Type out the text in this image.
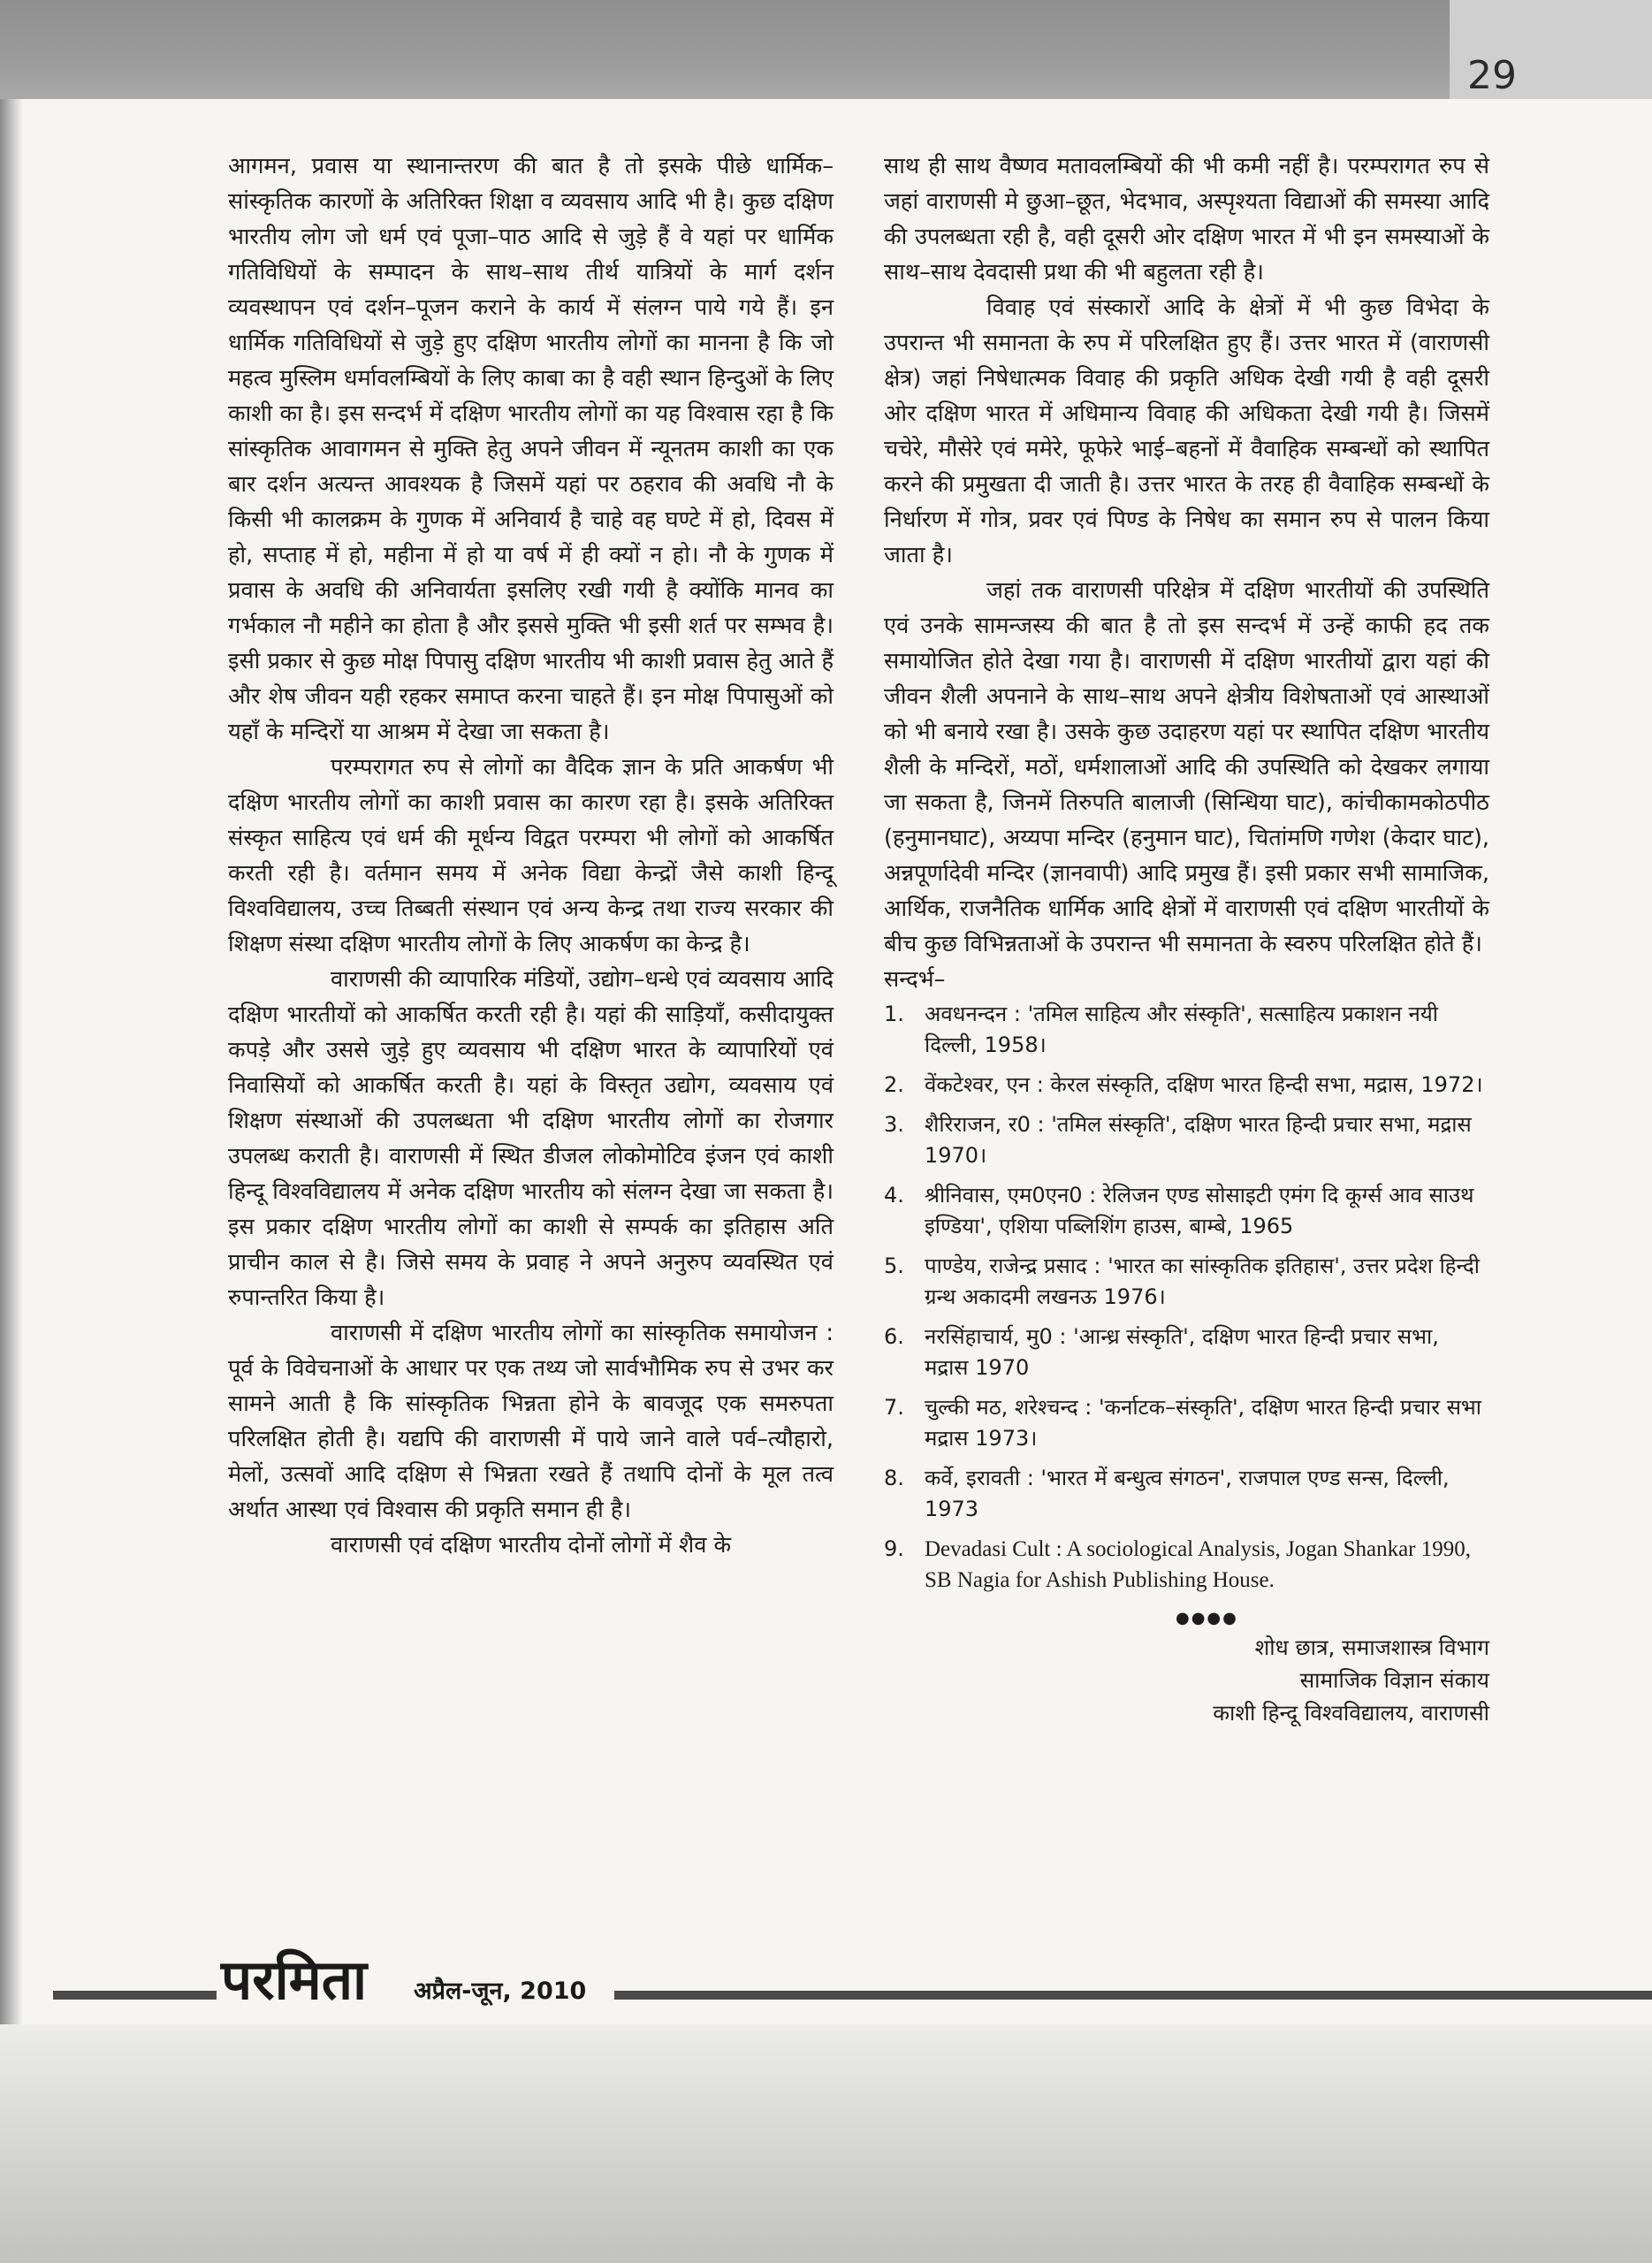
29

आगमन, प्रवास या स्थानान्तरण की बात है तो इसके पीछे धार्मिक–सांस्कृतिक कारणों के अतिरिक्त शिक्षा व व्यवसाय आदि भी है। कुछ दक्षिण भारतीय लोग जो धर्म एवं पूजा–पाठ आदि से जुड़े हैं वे यहां पर धार्मिक गतिविधियों के सम्पादन के साथ–साथ तीर्थ यात्रियों के मार्ग दर्शन व्यवस्थापन एवं दर्शन–पूजन कराने के कार्य में संलग्न पाये गये हैं। इन धार्मिक गतिविधियों से जुड़े हुए दक्षिण भारतीय लोगों का मानना है कि जो महत्व मुस्लिम धर्मावलम्बियों के लिए काबा का है वही स्थान हिन्दुओं के लिए काशी का है। इस सन्दर्भ में दक्षिण भारतीय लोगों का यह विश्वास रहा है कि सांस्कृतिक आवागमन से मुक्ति हेतु अपने जीवन में न्यूनतम काशी का एक बार दर्शन अत्यन्त आवश्यक है जिसमें यहां पर ठहराव की अवधि नौ के किसी भी कालक्रम के गुणक में अनिवार्य है चाहे वह घण्टे में हो, दिवस में हो, सप्ताह में हो, महीना में हो या वर्ष में ही क्यों न हो। नौ के गुणक में प्रवास के अवधि की अनिवार्यता इसलिए रखी गयी है क्योंकि मानव का गर्भकाल नौ महीने का होता है और इससे मुक्ति भी इसी शर्त पर सम्भव है। इसी प्रकार से कुछ मोक्ष पिपासु दक्षिण भारतीय भी काशी प्रवास हेतु आते हैं और शेष जीवन यही रहकर समाप्त करना चाहते हैं। इन मोक्ष पिपासुओं को यहाँ के मन्दिरों या आश्रम में देखा जा सकता है।

परम्परागत रुप से लोगों का वैदिक ज्ञान के प्रति आकर्षण भी दक्षिण भारतीय लोगों का काशी प्रवास का कारण रहा है। इसके अतिरिक्त संस्कृत साहित्य एवं धर्म की मूर्धन्य विद्वत परम्परा भी लोगों को आकर्षित करती रही है। वर्तमान समय में अनेक विद्या केन्द्रों जैसे काशी हिन्दू विश्वविद्यालय, उच्च तिब्बती संस्थान एवं अन्य केन्द्र तथा राज्य सरकार की शिक्षण संस्था दक्षिण भारतीय लोगों के लिए आकर्षण का केन्द्र है।

वाराणसी की व्यापारिक मंडियों, उद्योग–धन्धे एवं व्यवसाय आदि दक्षिण भारतीयों को आकर्षित करती रही है। यहां की साड़ियाँ, कसीदायुक्त कपड़े और उससे जुड़े हुए व्यवसाय भी दक्षिण भारत के व्यापारियों एवं निवासियों को आकर्षित करती है। यहां के विस्तृत उद्योग, व्यवसाय एवं शिक्षण संस्थाओं की उपलब्धता भी दक्षिण भारतीय लोगों का रोजगार उपलब्ध कराती है। वाराणसी में स्थित डीजल लोकोमोटिव इंजन एवं काशी हिन्दू विश्वविद्यालय में अनेक दक्षिण भारतीय को संलग्न देखा जा सकता है। इस प्रकार दक्षिण भारतीय लोगों का काशी से सम्पर्क का इतिहास अति प्राचीन काल से है। जिसे समय के प्रवाह ने अपने अनुरुप व्यवस्थित एवं रुपान्तरित किया है।

वाराणसी में दक्षिण भारतीय लोगों का सांस्कृतिक समायोजन : पूर्व के विवेचनाओं के आधार पर एक तथ्य जो सार्वभौमिक रुप से उभर कर सामने आती है कि सांस्कृतिक भिन्नता होने के बावजूद एक समरुपता परिलक्षित होती है। यद्यपि की वाराणसी में पाये जाने वाले पर्व–त्यौहारो, मेलों, उत्सवों आदि दक्षिण से भिन्नता रखते हैं तथापि दोनों के मूल तत्व अर्थात आस्था एवं विश्वास की प्रकृति समान ही है।

वाराणसी एवं दक्षिण भारतीय दोनों लोगों में शैव के

साथ ही साथ वैष्णव मतावलम्बियों की भी कमी नहीं है। परम्परागत रुप से जहां वाराणसी मे छुआ–छूत, भेदभाव, अस्पृश्यता विद्याओं की समस्या आदि की उपलब्धता रही है, वही दूसरी ओर दक्षिण भारत में भी इन समस्याओं के साथ–साथ देवदासी प्रथा की भी बहुलता रही है।

विवाह एवं संस्कारों आदि के क्षेत्रों में भी कुछ विभेदा के उपरान्त भी समानता के रुप में परिलक्षित हुए हैं। उत्तर भारत में (वाराणसी क्षेत्र) जहां निषेधात्मक विवाह की प्रकृति अधिक देखी गयी है वही दूसरी ओर दक्षिण भारत में अधिमान्य विवाह की अधिकता देखी गयी है। जिसमें चचेरे, मौसेरे एवं ममेरे, फूफेरे भाई–बहनों में वैवाहिक सम्बन्धों को स्थापित करने की प्रमुखता दी जाती है। उत्तर भारत के तरह ही वैवाहिक सम्बन्धों के निर्धारण में गोत्र, प्रवर एवं पिण्ड के निषेध का समान रुप से पालन किया जाता है।

जहां तक वाराणसी परिक्षेत्र में दक्षिण भारतीयों की उपस्थिति एवं उनके सामन्जस्य की बात है तो इस सन्दर्भ में उन्हें काफी हद तक समायोजित होते देखा गया है। वाराणसी में दक्षिण भारतीयों द्वारा यहां की जीवन शैली अपनाने के साथ–साथ अपने क्षेत्रीय विशेषताओं एवं आस्थाओं को भी बनाये रखा है। उसके कुछ उदाहरण यहां पर स्थापित दक्षिण भारतीय शैली के मन्दिरों, मठों, धर्मशालाओं आदि की उपस्थिति को देखकर लगाया जा सकता है, जिनमें तिरुपति बालाजी (सिन्धिया घाट), कांचीकामकोठपीठ (हनुमानघाट), अय्यपा मन्दिर (हनुमान घाट), चितांमणि गणेश (केदार घाट), अन्नपूर्णादेवी मन्दिर (ज्ञानवापी) आदि प्रमुख हैं। इसी प्रकार सभी सामाजिक, आर्थिक, राजनैतिक धार्मिक आदि क्षेत्रों में वाराणसी एवं दक्षिण भारतीयों के बीच कुछ विभिन्नताओं के उपरान्त भी समानता के स्वरुप परिलक्षित होते हैं।

सन्दर्भ–

1. अवधनन्दन : 'तमिल साहित्य और संस्कृति', सत्साहित्य प्रकाशन नयी दिल्ली, 1958।
2. वेंकटेश्वर, एन : केरल संस्कृति, दक्षिण भारत हिन्दी सभा, मद्रास, 1972।
3. शैरिराजन, र0 : 'तमिल संस्कृति', दक्षिण भारत हिन्दी प्रचार सभा, मद्रास 1970।
4. श्रीनिवास, एम0एन0 : रेलिजन एण्ड सोसाइटी एमंग दि कूर्ग्स आव साउथ इण्डिया', एशिया पब्लिशिंग हाउस, बाम्बे, 1965
5. पाण्डेय, राजेन्द्र प्रसाद : 'भारत का सांस्कृतिक इतिहास', उत्तर प्रदेश हिन्दी ग्रन्थ अकादमी लखनऊ 1976।
6. नरसिंहाचार्य, मु0 : 'आन्ध्र संस्कृति', दक्षिण भारत हिन्दी प्रचार सभा, मद्रास 1970
7. चुल्की मठ, शरेश्चन्द : 'कर्नाटक–संस्कृति', दक्षिण भारत हिन्दी प्रचार सभा मद्रास 1973।
8. कर्वे, इरावती : 'भारत में बन्धुत्व संगठन', राजपाल एण्ड सन्स, दिल्ली, 1973
9. Devadasi Cult : A sociological Analysis, Jogan Shankar 1990, SB Nagia for Ashish Publishing House.
●●●●
शोध छात्र, समाजशास्त्र विभाग
सामाजिक विज्ञान संकाय
काशी हिन्दू विश्वविद्यालय, वाराणसी
परमिता	अप्रैल-जून, 2010
